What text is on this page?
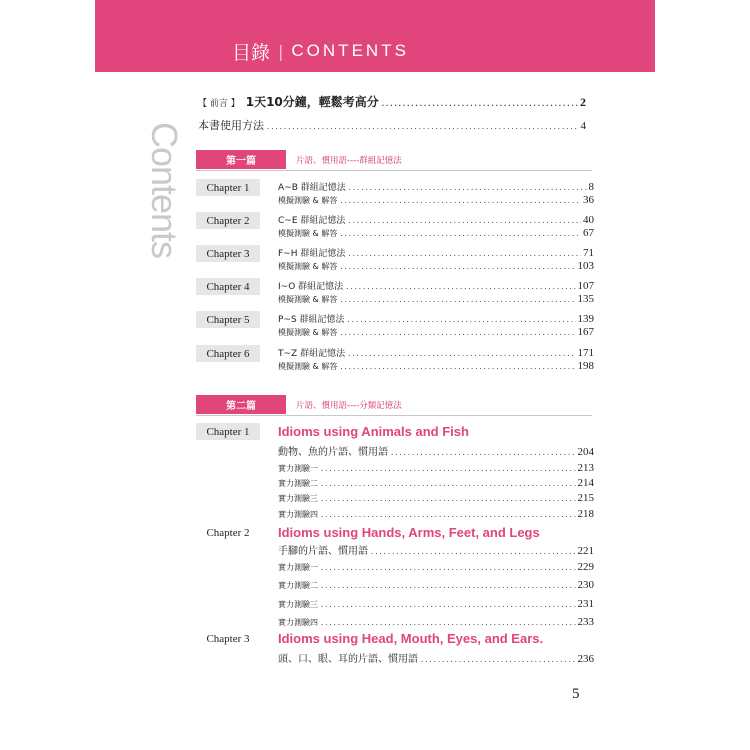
目錄 | CONTENTS
Contents
【 前言 】 1天10分鐘，輕鬆考高分 .....	2
本書使用方法 .....	4
第一篇	片語、慣用語----群組記憶法
Chapter 1	A~B 群組記憶法 .....	8
模擬測驗 & 解答 .....	36
Chapter 2	C~E 群組記憶法 .....	40
模擬測驗 & 解答 .....	67
Chapter 3	F~H 群組記憶法 .....	71
模擬測驗 & 解答 .....	103
Chapter 4	I~O 群組記憶法 .....	107
模擬測驗 & 解答 .....	135
Chapter 5	P~S 群組記憶法 .....	139
模擬測驗 & 解答 .....	167
Chapter 6	T~Z 群組記憶法 .....	171
模擬測驗 & 解答 .....	198
第二篇	片語、慣用語----分類記憶法
Chapter 1	Idioms using Animals and Fish
動物、魚的片語、慣用語 .....	204
實力測驗一 .....	213
實力測驗二 .....	214
實力測驗三 .....	215
實力測驗四 .....	218
Chapter 2	Idioms using Hands, Arms, Feet, and Legs
手腳的片語、慣用語 .....	221
實力測驗一 .....	229
實力測驗二 .....	230
實力測驗三 .....	231
實力測驗四 .....	233
Chapter 3	Idioms using Head, Mouth, Eyes, and Ears.
頭、口、眼、耳的片語、慣用語 .....	236
5
